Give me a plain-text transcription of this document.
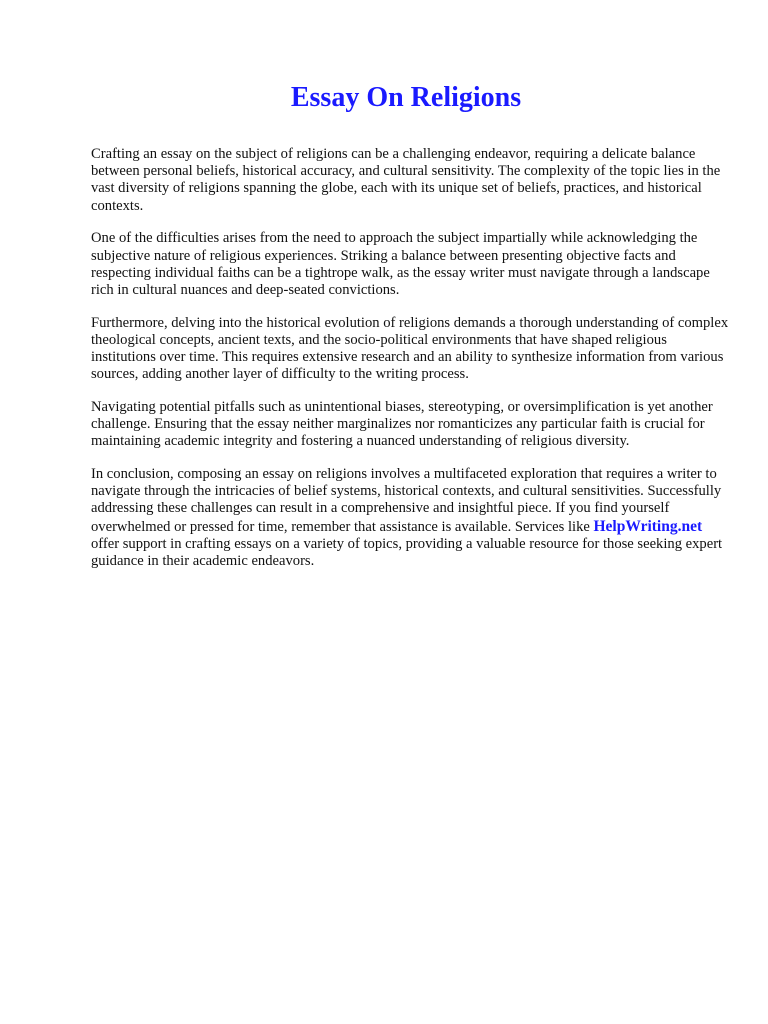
Essay On Religions

Crafting an essay on the subject of religions can be a challenging endeavor, requiring a delicate balance between personal beliefs, historical accuracy, and cultural sensitivity. The complexity of the topic lies in the vast diversity of religions spanning the globe, each with its unique set of beliefs, practices, and historical contexts.

One of the difficulties arises from the need to approach the subject impartially while acknowledging the subjective nature of religious experiences. Striking a balance between presenting objective facts and respecting individual faiths can be a tightrope walk, as the essay writer must navigate through a landscape rich in cultural nuances and deep-seated convictions.

Furthermore, delving into the historical evolution of religions demands a thorough understanding of complex theological concepts, ancient texts, and the socio-political environments that have shaped religious institutions over time. This requires extensive research and an ability to synthesize information from various sources, adding another layer of difficulty to the writing process.

Navigating potential pitfalls such as unintentional biases, stereotyping, or oversimplification is yet another challenge. Ensuring that the essay neither marginalizes nor romanticizes any particular faith is crucial for maintaining academic integrity and fostering a nuanced understanding of religious diversity.

In conclusion, composing an essay on religions involves a multifaceted exploration that requires a writer to navigate through the intricacies of belief systems, historical contexts, and cultural sensitivities. Successfully addressing these challenges can result in a comprehensive and insightful piece. If you find yourself overwhelmed or pressed for time, remember that assistance is available. Services like HelpWriting.net offer support in crafting essays on a variety of topics, providing a valuable resource for those seeking expert guidance in their academic endeavors.
